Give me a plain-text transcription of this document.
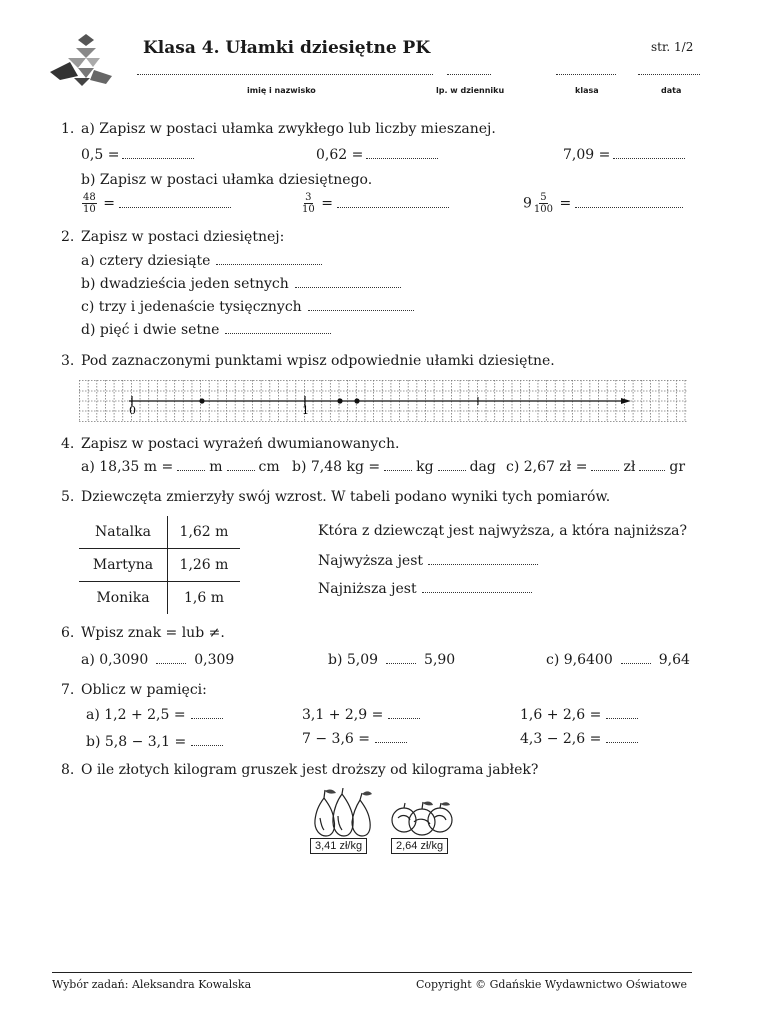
Klasa 4. Ułamki dziesiętne PK	str. 1/2
imię i nazwisko	lp. w dzienniku	klasa	data
1. a) Zapisz w postaci ułamka zwykłego lub liczby mieszanej.
0,5 =	0,62 =	7,09 =
b) Zapisz w postaci ułamka dziesiętnego.
$\frac{48}{10}$ =	$\frac{3}{10}$ =	$9 \frac{5}{100}$ =
2. Zapisz w postaci dziesiętnej:
a) cztery dziesiąte
b) dwadzieścia jeden setnych
c) trzy i jedenaście tysięcznych
d) pięć i dwie setne
3. Pod zaznaczonymi punktami wpisz odpowiednie ułamki dziesiętne.
0	1
4. Zapisz w postaci wyrażeń dwumianowanych.
a) 18,35 m =	m	cm b) 7,48 kg =	kg	dag c) 2,67 zł =	zł gr
5. Dziewczęta zmierzyły swój wzrost. W tabeli podano wyniki tych pomiarów.
Natalka	1,62 m
Martyna	1,26 m
Monika	1,6 m
Która z dziewcząt jest najwyższa, a która najniższa?
Najwyższa jest
Najniższa jest
6. Wpisz znak = lub ≠.
a) 0,3090	0,309	b) 5,09	5,90	c) 9,6400	9,64
7. Oblicz w pamięci:
a) 1,2 + 2,5 =	3,1 + 2,9 =	1,6 + 2,6 =
b) 5,8 − 3,1 =	7 − 3,6 =	4,3 − 2,6 =
8. O ile złotych kilogram gruszek jest droższy od kilograma jabłek?
3,41 zł/kg	2,64 zł/kg
Wybór zadań: Aleksandra Kowalska	Copyright © Gdańskie Wydawnictwo Oświatowe
